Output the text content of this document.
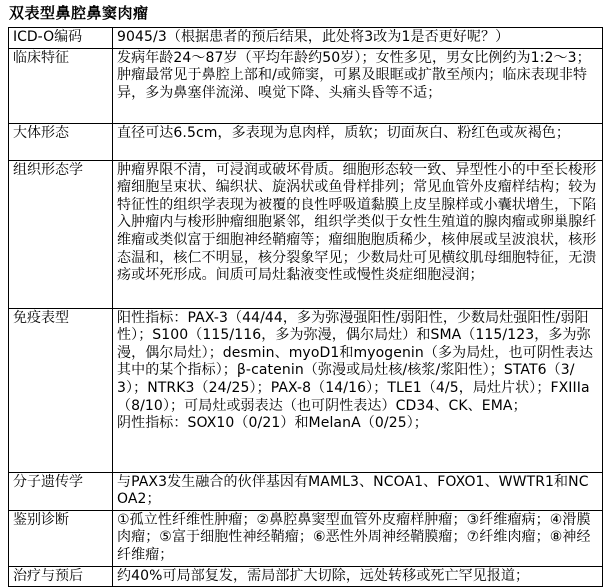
双表型鼻腔鼻窦肉瘤
ICD-O编码	9045/3（根据患者的预后结果，此处将3改为1是否更好呢？）
临床特征	发病年龄24～87岁（平均年龄约50岁）；女性多见，男女比例约为1:2～3；肿瘤最常见于鼻腔上部和/或筛窦，可累及眼眶或扩散至颅内；临床表现非特异，多为鼻塞伴流涕、嗅觉下降、头痛头昏等不适；
大体形态	直径可达6.5cm，多表现为息肉样，质软；切面灰白、粉红色或灰褐色；
组织形态学	肿瘤界限不清，可浸润或破坏骨质。细胞形态较一致、异型性小的中至长梭形瘤细胞呈束状、编织状、旋涡状或鱼骨样排列；常见血管外皮瘤样结构；较为特征性的组织学表现为被覆的良性呼吸道黏膜上皮呈腺样或小囊状增生，下陷入肿瘤内与梭形肿瘤细胞紧邻，组织学类似于女性生殖道的腺肉瘤或卵巢腺纤维瘤或类似富于细胞神经鞘瘤等；瘤细胞胞质稀少，核伸展或呈波浪状，核形态温和，核仁不明显，核分裂象罕见；少数局灶可见横纹肌母细胞特征，无溃疡或坏死形成。间质可局灶黏液变性或慢性炎症细胞浸润；
免疫表型	阳性指标：PAX-3（44/44，多为弥漫强阳性/弱阳性，少数局灶强阳性/弱阳性）；S100（115/116，多为弥漫，偶尔局灶）和SMA（115/123，多为弥漫，偶尔局灶）；desmin、myoD1和myogenin（多为局灶，也可阴性表达其中的某个指标）；β-catenin（弥漫或局灶核/核浆/浆阳性）；STAT6（3/3）；NTRK3（24/25）；PAX-8（14/16）；TLE1（4/5，局灶片状）；FXIIIa（8/10）；可局灶或弱表达（也可阴性表达）CD34、CK、EMA；
阴性指标：SOX10（0/21）和MelanA（0/25）；
分子遗传学	与PAX3发生融合的伙伴基因有MAML3、NCOA1、FOXO1、WWTR1和NCOA2；
鉴别诊断	①孤立性纤维性肿瘤；②鼻腔鼻窦型血管外皮瘤样肿瘤；③纤维瘤病；④滑膜肉瘤；⑤富于细胞性神经鞘瘤；⑥恶性外周神经鞘膜瘤；⑦纤维肉瘤；⑧神经纤维瘤；
治疗与预后	约40%可局部复发，需局部扩大切除，远处转移或死亡罕见报道；
